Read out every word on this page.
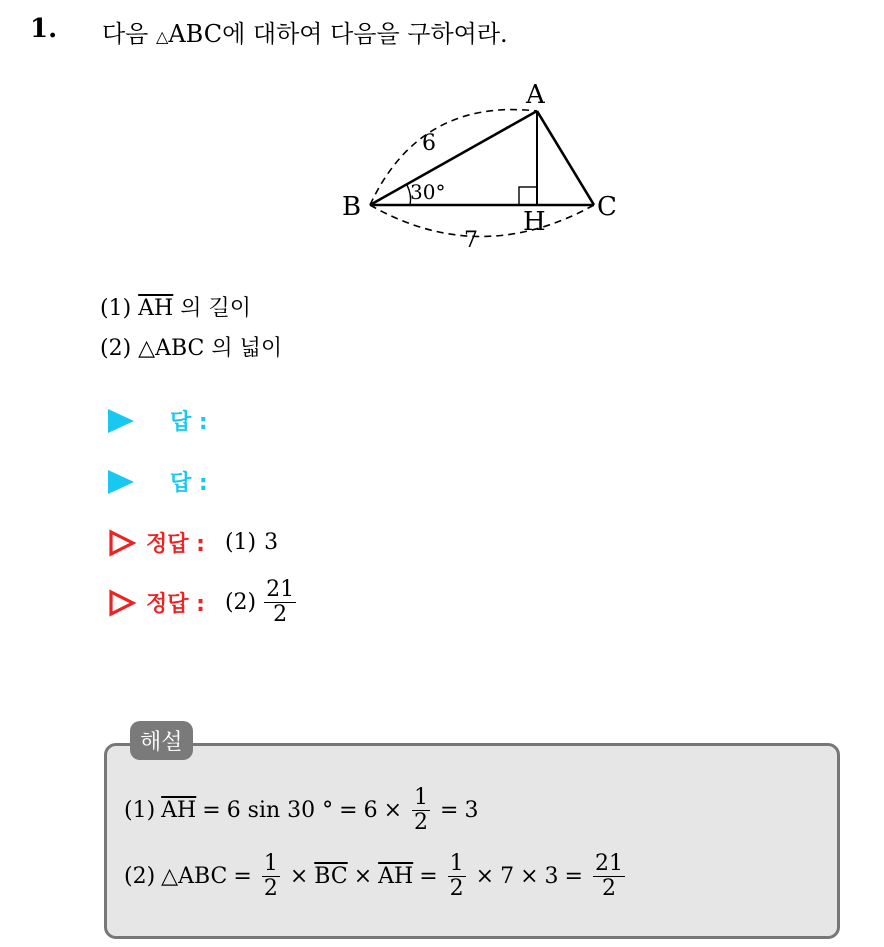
1. 다음 △ABC에 대하여 다음을 구하여라.
A
B	C
H
6
7
30°
(1) $\overline{AH}$ 의 길이
(2) △ABC 의 넓이
답 :
답 :
정답 : (1) 3
정답 : $(2) \frac{21}{2}$
해설
(1) $\overline{AH} = 6$ sin 30 ° = $6 \times \frac{1}{2} = 3$
(2) △ABC = $\frac{1}{2} \times \overline{BC} \times \overline{AH} = \frac{1}{2} \times 7 \times 3 = \frac{21}{2}$
